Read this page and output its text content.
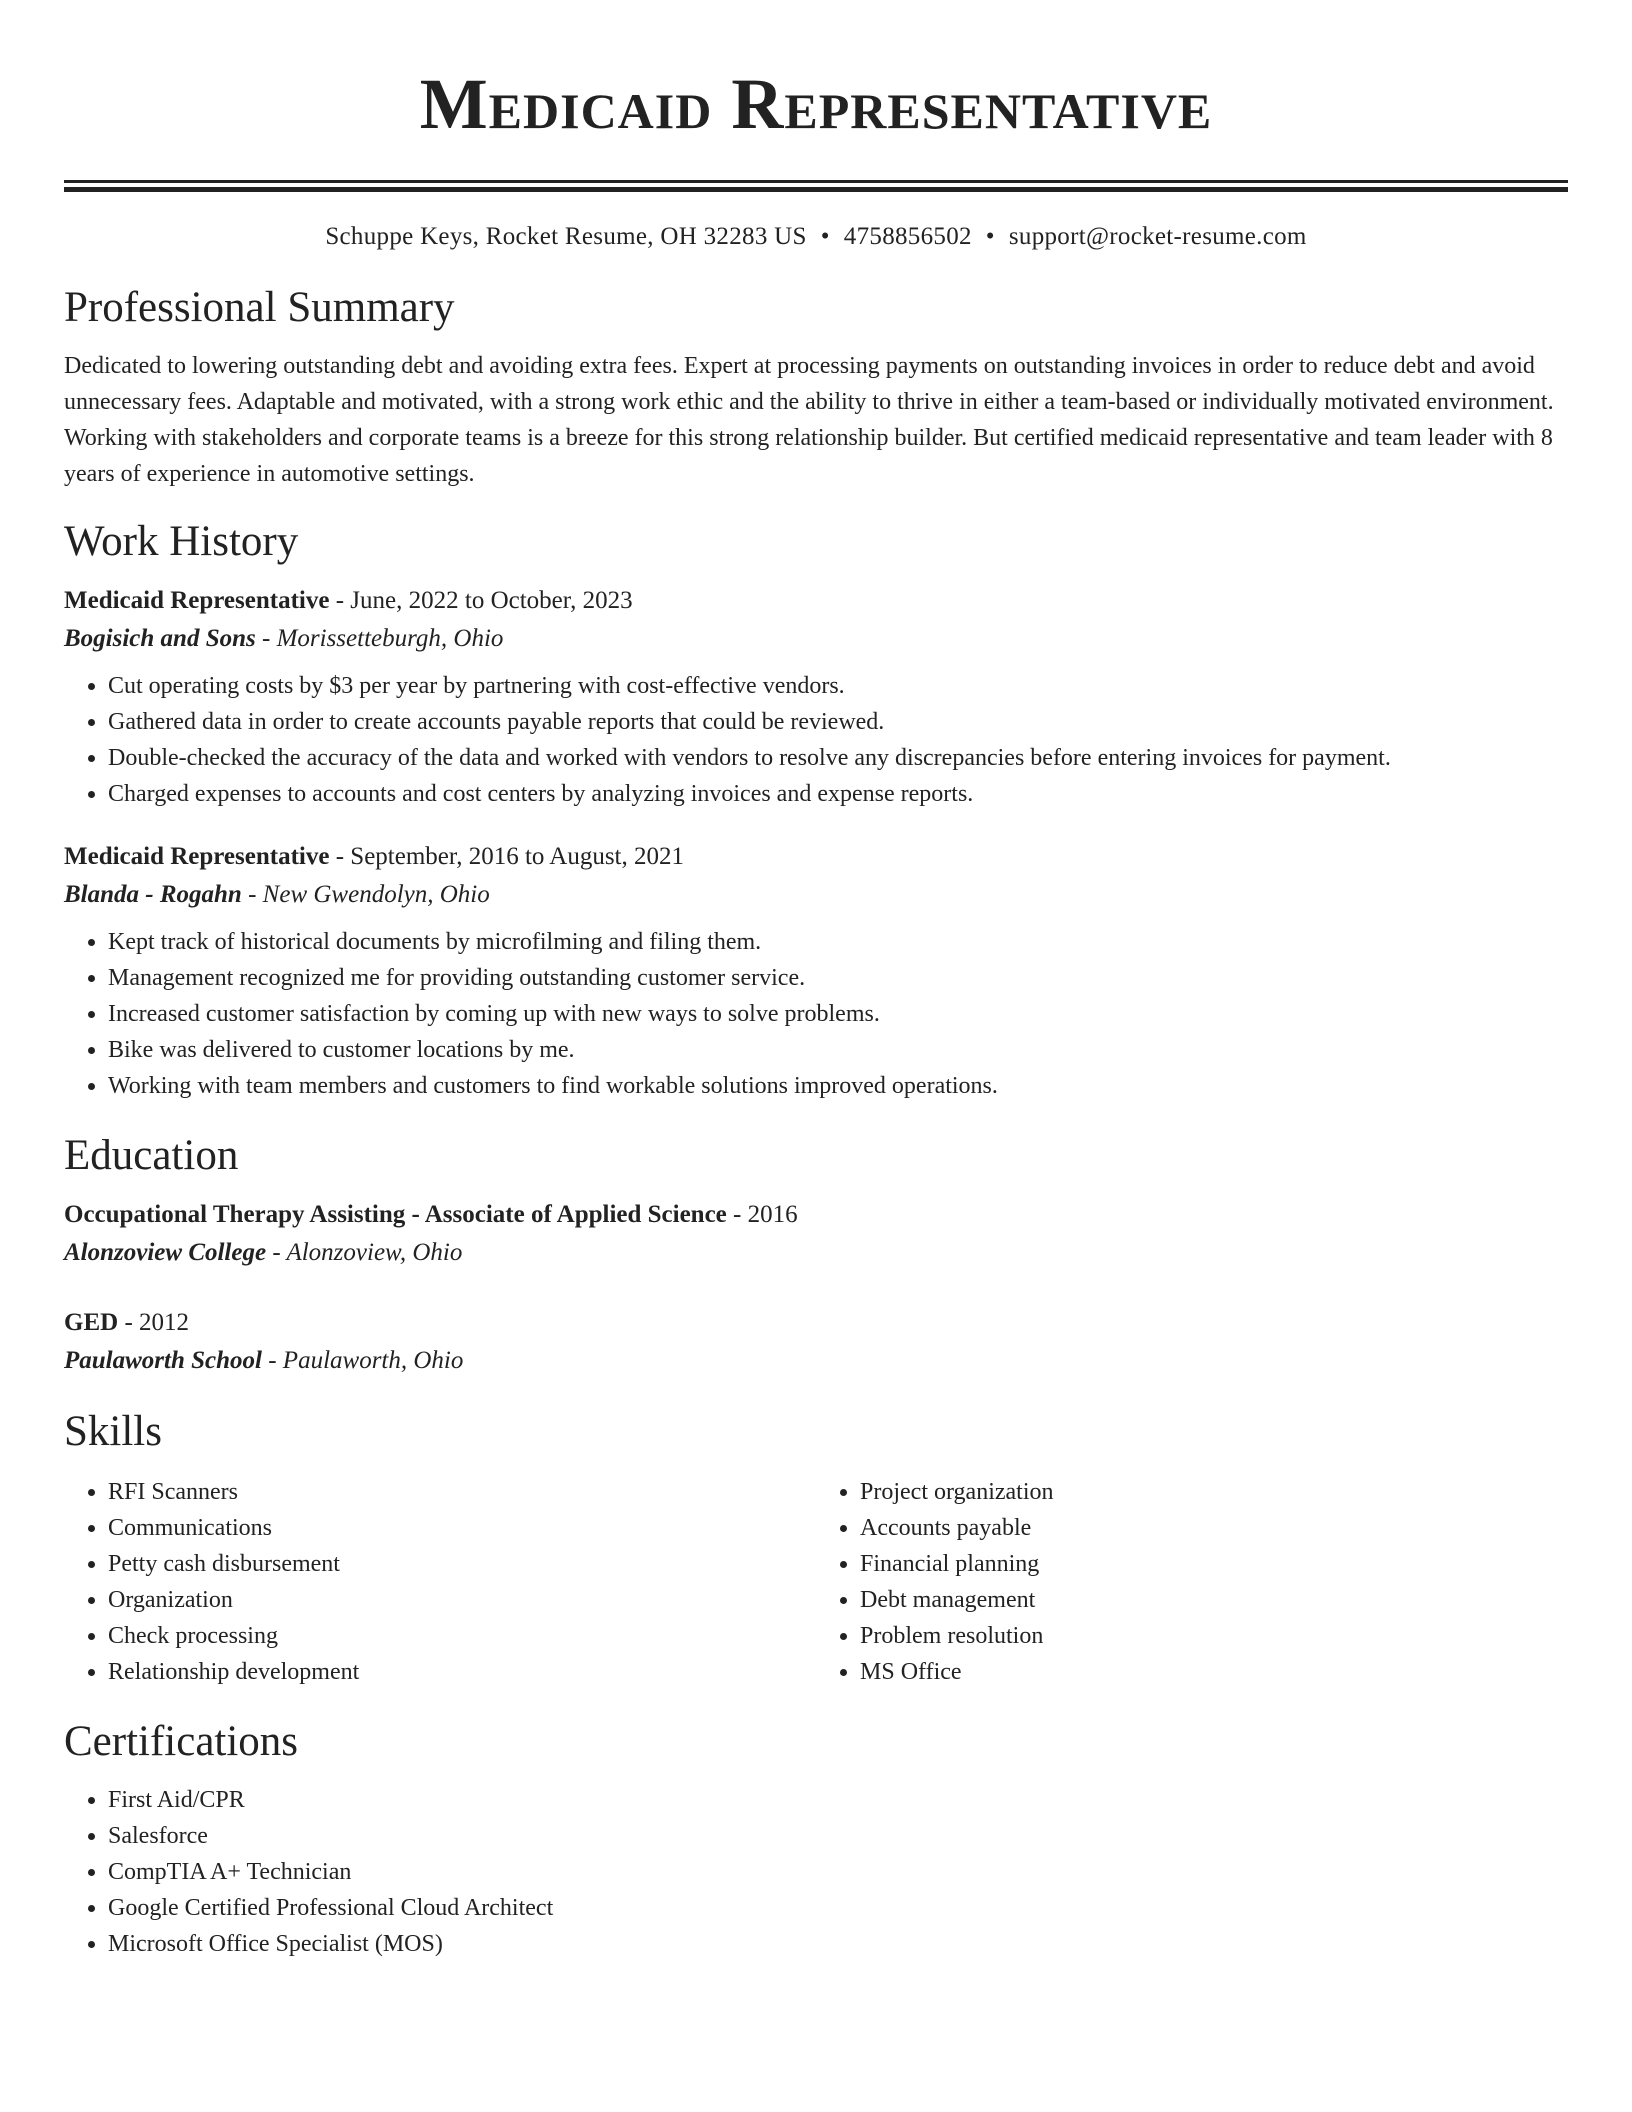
Medicaid Representative
Schuppe Keys, Rocket Resume, OH 32283 US • 4758856502 • support@rocket-resume.com
Professional Summary

Dedicated to lowering outstanding debt and avoiding extra fees. Expert at processing payments on outstanding invoices in order to reduce debt and avoid unnecessary fees. Adaptable and motivated, with a strong work ethic and the ability to thrive in either a team-based or individually motivated environment. Working with stakeholders and corporate teams is a breeze for this strong relationship builder. But certified medicaid representative and team leader with 8 years of experience in automotive settings.

Work History
Medicaid Representative - June, 2022 to October, 2023
Bogisich and Sons - Morissetteburgh, Ohio
• Cut operating costs by $3 per year by partnering with cost-effective vendors.
• Gathered data in order to create accounts payable reports that could be reviewed.
• Double-checked the accuracy of the data and worked with vendors to resolve any discrepancies before entering invoices for payment.
• Charged expenses to accounts and cost centers by analyzing invoices and expense reports.
Medicaid Representative - September, 2016 to August, 2021
Blanda - Rogahn - New Gwendolyn, Ohio
• Kept track of historical documents by microfilming and filing them.
• Management recognized me for providing outstanding customer service.
• Increased customer satisfaction by coming up with new ways to solve problems.
• Bike was delivered to customer locations by me.
• Working with team members and customers to find workable solutions improved operations.
Education
Occupational Therapy Assisting - Associate of Applied Science - 2016
Alonzoview College - Alonzoview, Ohio
GED - 2012
Paulaworth School - Paulaworth, Ohio
Skills
• RFI Scanners
• Communications
• Petty cash disbursement
• Organization
• Check processing
• Relationship development
• Project organization
• Accounts payable
• Financial planning
• Debt management
• Problem resolution
• MS Office
Certifications
• First Aid/CPR
• Salesforce
• CompTIA A+ Technician
• Google Certified Professional Cloud Architect
• Microsoft Office Specialist (MOS)
